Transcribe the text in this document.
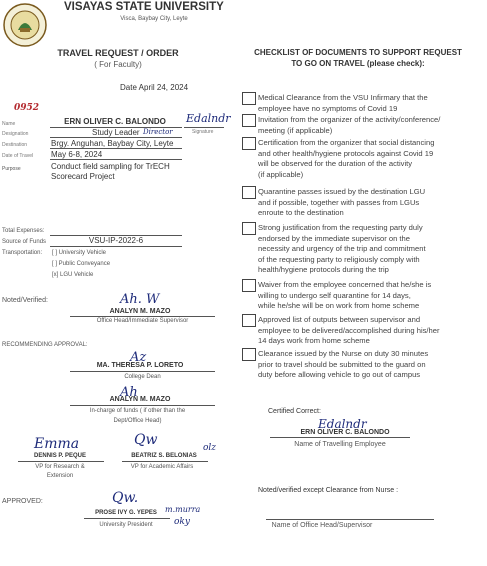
VISAYAS STATE UNIVERSITY
Visca, Baybay City, Leyte
TRAVEL REQUEST / ORDER
( For Faculty)
Date April 24, 2024
0952
Name	ERN OLIVER C. BALONDO	Edalndr
Signature
Designation	Study Leader Director
Destination	Brgy. Anguhan, Baybay City, Leyte
Date of Travel May 6-8, 2024
Purpose	Conduct field sampling for TrECH
Scorecard Project
Total Expenses:
Source of Funds	VSU-IP-2022-6
Transportation: [ ] University Vehicle
[ ] Public Conveyance
[x] LGU Vehicle
Noted/Verified:	Ah. W
ANALYN M. MAZO
Office Head/Immediate Supervisor
RECOMMENDING APPROVAL:
Az
MA. THERESA P. LORETO
College Dean
Ah
ANALYN M. MAZO
In-charge of funds ( if other than the
Dept/Office Head)
Emma
DENNIS P. PEQUE
VP for Research &
Extension
Qw	olz
BEATRIZ S. BELONIAS
VP for Academic Affairs
APPROVED:	Qw.
m.murra
oky
PROSE IVY G. YEPES
University President
CHECKLIST OF DOCUMENTS TO SUPPORT REQUEST
TO GO ON TRAVEL (please check):
Medical Clearance from the VSU Infirmary that the
employee have no symptoms of Covid 19
Invitation from the organizer of the activity/conference/
meeting (if applicable)
Certification from the organizer that social distancing
and other health/hygiene protocols against Covid 19
will be observed for the duration of the activity
(if applicable)
Quarantine passes issued by the destination LGU
and if possible, together with passes from LGUs
enroute to the destination
Strong justification from the requesting party duly
endorsed by the immediate supervisor on the
necessity and urgency of the trip and commitment
of the requesting party to religiously comply with
health/hygiene protocols during the trip
Waiver from the employee concerned that he/she is
willing to undergo self quarantine for 14 days,
while he/she will be on work from home scheme
Approved list of outputs between supervisor and
employee to be delivered/accomplished during his/her
14 days work from home scheme
Clearance issued by the Nurse on duty 30 minutes
prior to travel should be submitted to the guard on
duty before allowing vehicle to go out of campus
Certified Correct:
Edalndr
ERN OLIVER C. BALONDO
Name of Travelling Employee
Noted/verified except Clearance from Nurse :
Name of Office Head/Supervisor
